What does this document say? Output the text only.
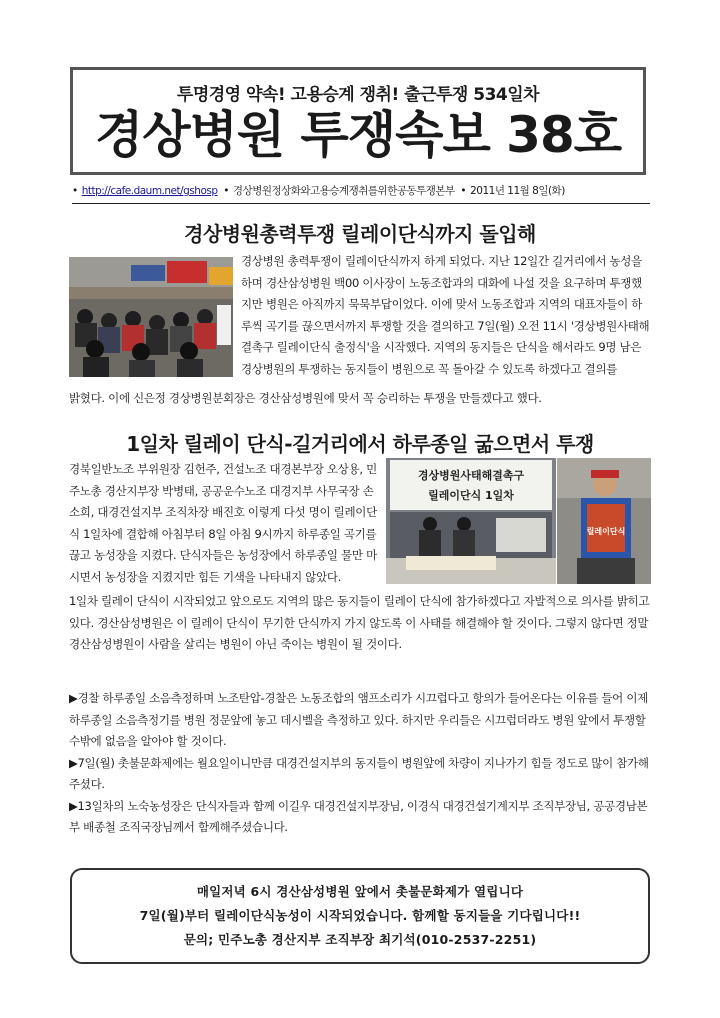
투명경영 약속! 고용승계 쟁취! 출근투쟁 534일차
경상병원 투쟁속보 38호
• http://cafe.daum.net/gshosp • 경상병원정상화와고용승계쟁취를위한공동투쟁본부 • 2011년 11월 8일(화)
경상병원총력투쟁 릴레이단식까지 돌입해

경상병원 총력투쟁이 릴레이단식까지 하게 되었다. 지난 12일간 길거리에서 농성을 하며 경산삼성병원 백00 이사장이 노동조합과의 대화에 나설 것을 요구하며 투쟁했지만 병원은 아직까지 묵묵부답이었다. 이에 맞서 노동조합과 지역의 대표자들이 하루씩 곡기를 끊으면서까지 투쟁할 것을 결의하고 7일(월) 오전 11시 '경상병원사태해결촉구 릴레이단식 출정식'을 시작했다. 지역의 동지들은 단식을 해서라도 9명 남은 경상병원의 투쟁하는 동지들이 병원으로 꼭 돌아갈 수 있도록 하겠다고 결의를

밝혔다. 이에 신은정 경상병원분회장은 경산삼성병원에 맞서 꼭 승리하는 투쟁을 만들겠다고 했다.

1일차 릴레이 단식-길거리에서 하루종일 굶으면서 투쟁

경북일반노조 부위원장 김헌주, 건설노조 대경본부장 오상용, 민주노총 경산지부장 박병태, 공공운수노조 대경지부 사무국장 손소희, 대경건설지부 조직차장 배진호 이렇게 다섯 명이 릴레이단식 1일차에 결합해 아침부터 8일 아침 9시까지 하루종일 곡기를 끊고 농성장을 지켰다. 단식자들은 농성장에서 하루종일 물만 마시면서 농성장을 지켰지만 힘든 기색을 나타내지 않았다.

경상병원사태해결촉구
릴레이단식 1일차
릴레이단식

1일차 릴레이 단식이 시작되었고 앞으로도 지역의 많은 동지들이 릴레이 단식에 참가하겠다고 자발적으로 의사를 밝히고 있다. 경산삼성병원은 이 릴레이 단식이 무기한 단식까지 가지 않도록 이 사태를 해결해야 할 것이다. 그렇지 않다면 정말 경산삼성병원이 사람을 살리는 병원이 아닌 죽이는 병원이 될 것이다.

▶경찰 하루종일 소음측정하며 노조탄압-경찰은 노동조합의 앰프소리가 시끄럽다고 항의가 들어온다는 이유를 들어 이제 하루종일 소음측정기를 병원 정문앞에 놓고 데시벨을 측정하고 있다. 하지만 우리들은 시끄럽더라도 병원 앞에서 투쟁할 수밖에 없음을 알아야 할 것이다.

▶7일(월) 촛불문화제에는 월요일이니만큼 대경건설지부의 동지들이 병원앞에 차량이 지나가기 힘들 정도로 많이 참가해주셨다.

▶13일차의 노숙농성장은 단식자들과 함께 이길우 대경건설지부장님, 이경식 대경건설기계지부 조직부장님, 공공경남본부 배종철 조직국장님께서 함께해주셨습니다.

매일저녁 6시 경산삼성병원 앞에서 촛불문화제가 열립니다
7일(월)부터 릴레이단식농성이 시작되었습니다. 함께할 동지들을 기다립니다!!
문의; 민주노총 경산지부 조직부장 최기석(010-2537-2251)
